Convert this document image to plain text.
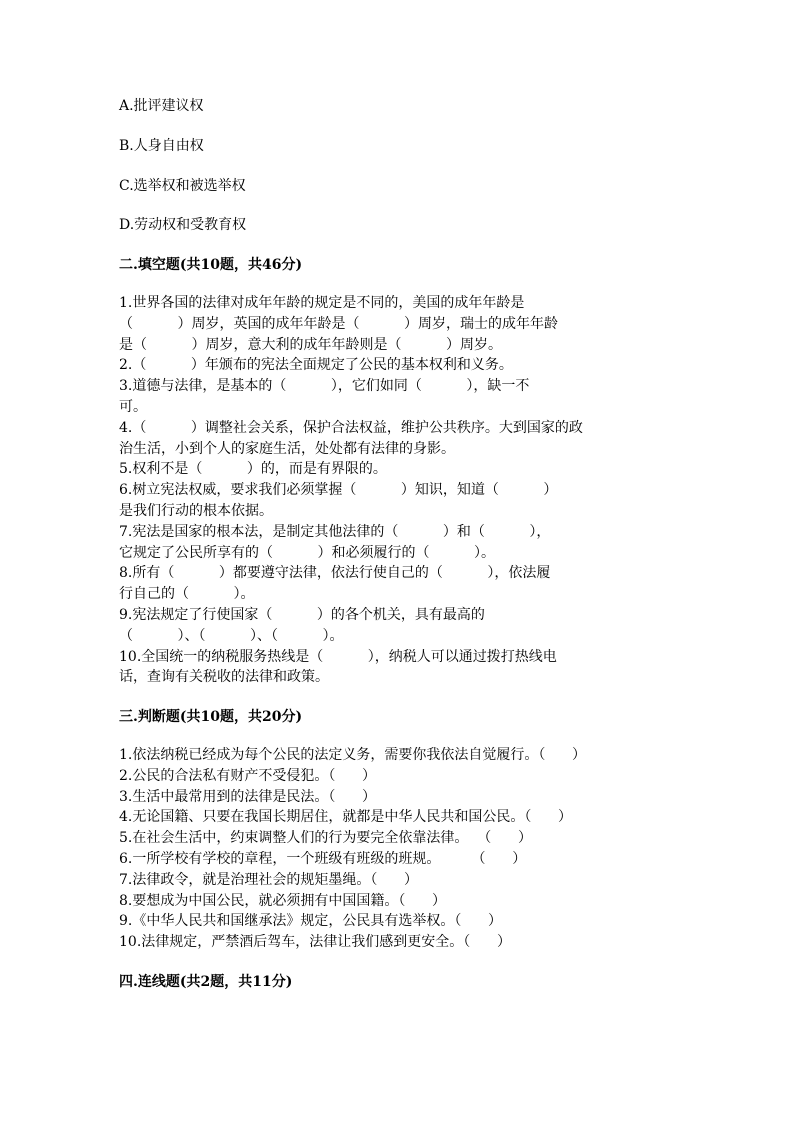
A.批评建议权
B.人身自由权
C.选举权和被选举权
D.劳动权和受教育权
二.填空题(共10题，共46分)
1.世界各国的法律对成年年龄的规定是不同的，美国的成年年龄是
（          ）周岁，英国的成年年龄是（          ）周岁，瑞士的成年年龄
是（          ）周岁，意大利的成年年龄则是（          ）周岁。
2.（          ）年颁布的宪法全面规定了公民的基本权利和义务。
3.道德与法律，是基本的（          ），它们如同（          ），缺一不
可。
4.（          ）调整社会关系，保护合法权益，维护公共秩序。大到国家的政
治生活，小到个人的家庭生活，处处都有法律的身影。
5.权利不是（          ）的，而是有界限的。
6.树立宪法权威，要求我们必须掌握（          ）知识，知道（          ）
是我们行动的根本依据。
7.宪法是国家的根本法，是制定其他法律的（          ）和（          ），
它规定了公民所享有的（          ）和必须履行的（          ）。
8.所有（          ）都要遵守法律，依法行使自己的（          ），依法履
行自己的（          ）。
9.宪法规定了行使国家（          ）的各个机关，具有最高的
（          ）、（          ）、（          ）。
10.全国统一的纳税服务热线是（          ），纳税人可以通过拨打热线电
话，查询有关税收的法律和政策。
三.判断题(共10题，共20分)
1.依法纳税已经成为每个公民的法定义务，需要你我依法自觉履行。（      ）
2.公民的合法私有财产不受侵犯。（      ）
3.生活中最常用到的法律是民法。（      ）
4.无论国籍、只要在我国长期居住，就都是中华人民共和国公民。（      ）
5.在社会生活中，约束调整人们的行为要完全依靠法律。  （      ）
6.一所学校有学校的章程，一个班级有班级的班规。       （      ）
7.法律政令，就是治理社会的规矩墨绳。（      ）
8.要想成为中国公民，就必须拥有中国国籍。（      ）
9.《中华人民共和国继承法》规定，公民具有选举权。（      ）
10.法律规定，严禁酒后驾车，法律让我们感到更安全。（      ）
四.连线题(共2题，共11分)
